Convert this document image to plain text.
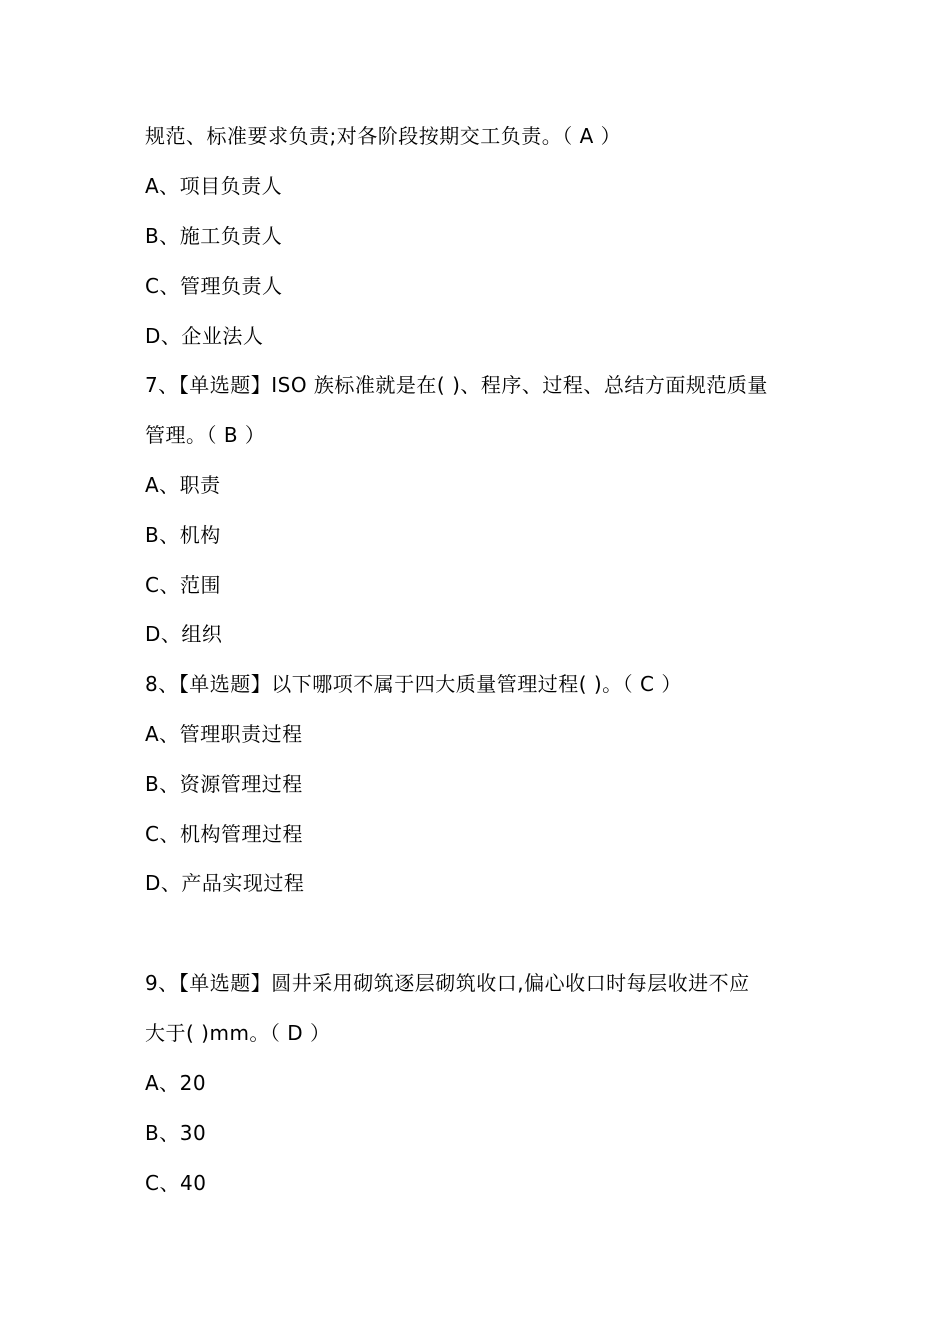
规范、标准要求负责;对各阶段按期交工负责。（ A ）
A、项目负责人
B、施工负责人
C、管理负责人
D、企业法人
7、【单选题】ISO 族标准就是在( )、程序、过程、总结方面规范质量
管理。（ B ）
A、职责
B、机构
C、范围
D、组织
8、【单选题】以下哪项不属于四大质量管理过程( )。（ C ）
A、管理职责过程
B、资源管理过程
C、机构管理过程
D、产品实现过程
9、【单选题】圆井采用砌筑逐层砌筑收口,偏心收口时每层收进不应
大于( )mm。（ D ）
A、20
B、30
C、40
